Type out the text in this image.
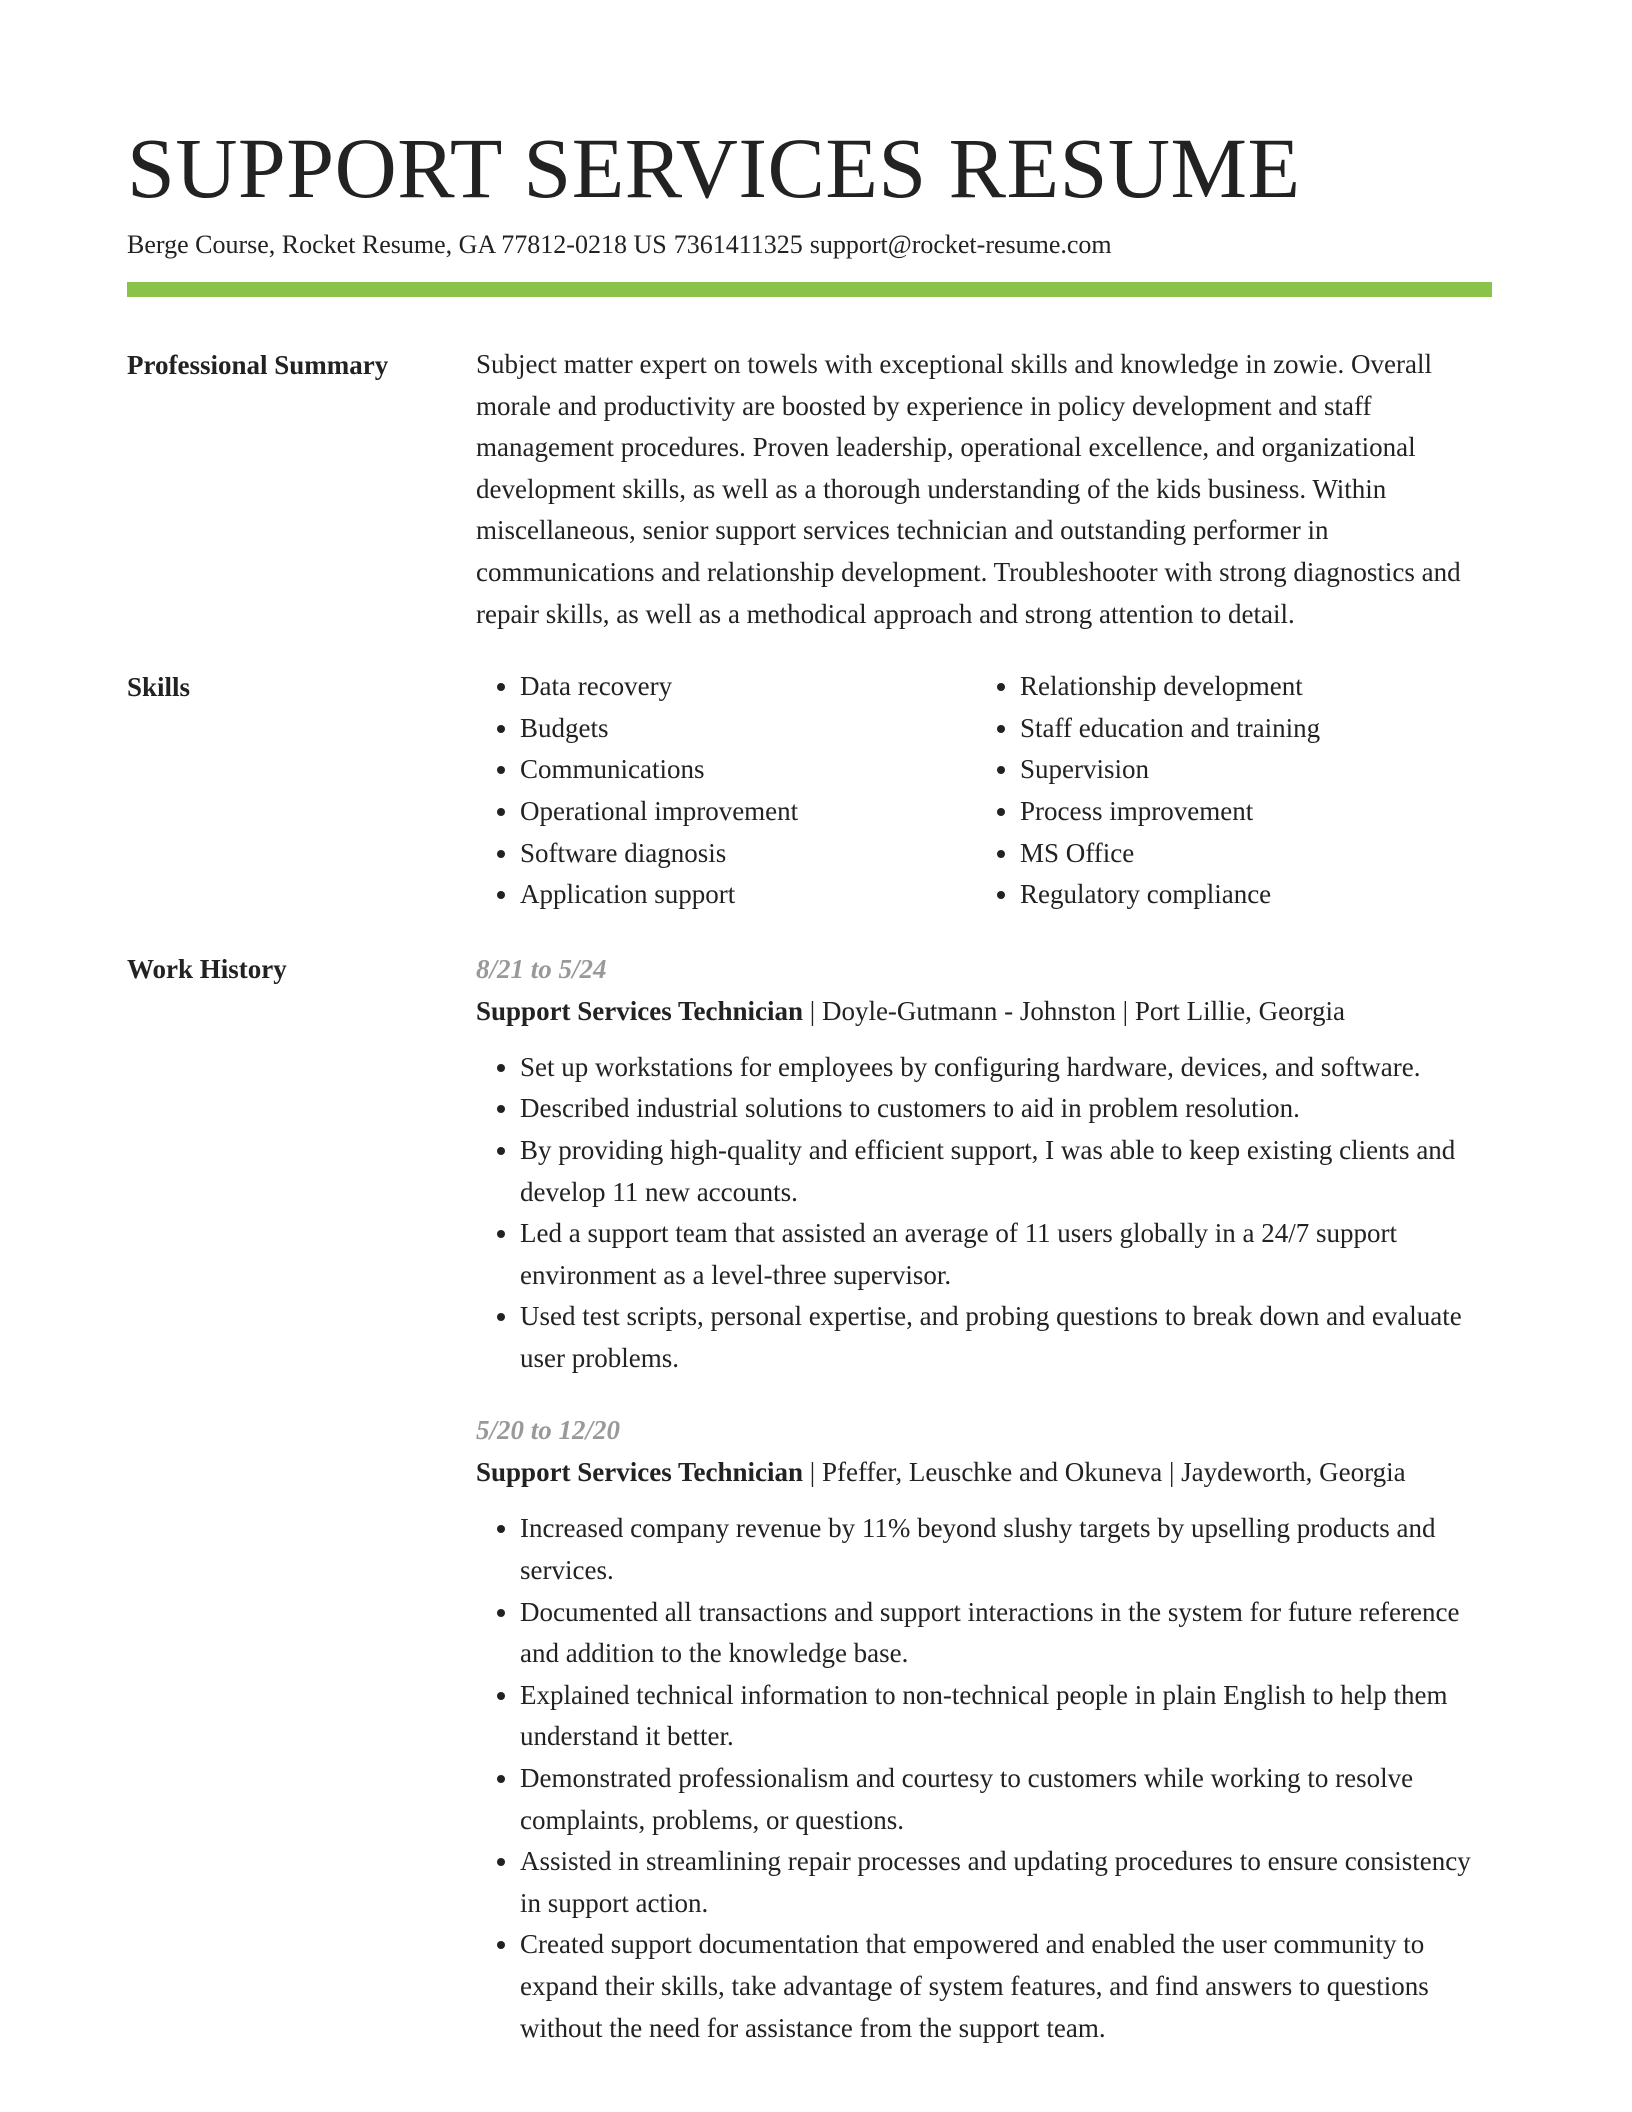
SUPPORT SERVICES RESUME
Berge Course, Rocket Resume, GA 77812-0218 US 7361411325 support@rocket-resume.com
Professional Summary	Subject matter expert on towels with exceptional skills and knowledge in zowie. Overall morale and productivity are boosted by experience in policy development and staff management procedures. Proven leadership, operational excellence, and organizational development skills, as well as a thorough understanding of the kids business. Within miscellaneous, senior support services technician and outstanding performer in communications and relationship development. Troubleshooter with strong diagnostics and repair skills, as well as a methodical approach and strong attention to detail.

Skills
•	Data recovery
• Budgets
• Communications
• Operational improvement
• Software diagnosis
• Application support
• Relationship development
• Staff education and training
• Supervision
• Process improvement
• MS Office
• Regulatory compliance
Work History	8/21 to 5/24
Support Services Technician | Doyle-Gutmann - Johnston | Port Lillie, Georgia
• Set up workstations for employees by configuring hardware, devices, and software.
• Described industrial solutions to customers to aid in problem resolution.
• By providing high-quality and efficient support, I was able to keep existing clients and develop 11 new accounts.
• Led a support team that assisted an average of 11 users globally in a 24/7 support environment as a level-three supervisor.
• Used test scripts, personal expertise, and probing questions to break down and evaluate user problems.
5/20 to 12/20
Support Services Technician | Pfeffer, Leuschke and Okuneva | Jaydeworth, Georgia
• Increased company revenue by 11% beyond slushy targets by upselling products and services.
• Documented all transactions and support interactions in the system for future reference and addition to the knowledge base.
• Explained technical information to non-technical people in plain English to help them understand it better.
• Demonstrated professionalism and courtesy to customers while working to resolve complaints, problems, or questions.
• Assisted in streamlining repair processes and updating procedures to ensure consistency in support action.
• Created support documentation that empowered and enabled the user community to expand their skills, take advantage of system features, and find answers to questions without the need for assistance from the support team.
